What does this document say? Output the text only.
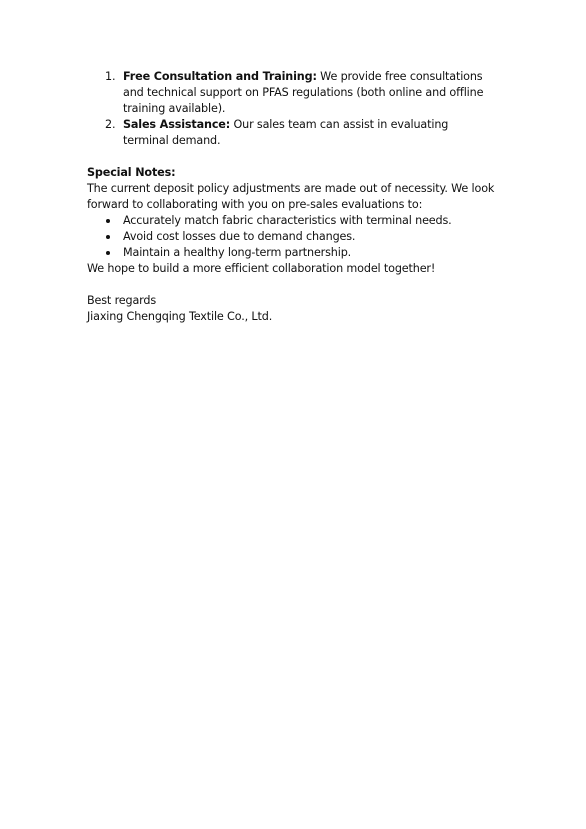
1. Free Consultation and Training: We provide free consultations and technical support on PFAS regulations (both online and offline training available).
2. Sales Assistance: Our sales team can assist in evaluating terminal demand.

Special Notes:

The current deposit policy adjustments are made out of necessity. We look forward to collaborating with you on pre-sales evaluations to:

Accurately match fabric characteristics with terminal needs.
Avoid cost losses due to demand changes.
Maintain a healthy long-term partnership.

We hope to build a more efficient collaboration model together!

Best regards

Jiaxing Chengqing Textile Co., Ltd.
